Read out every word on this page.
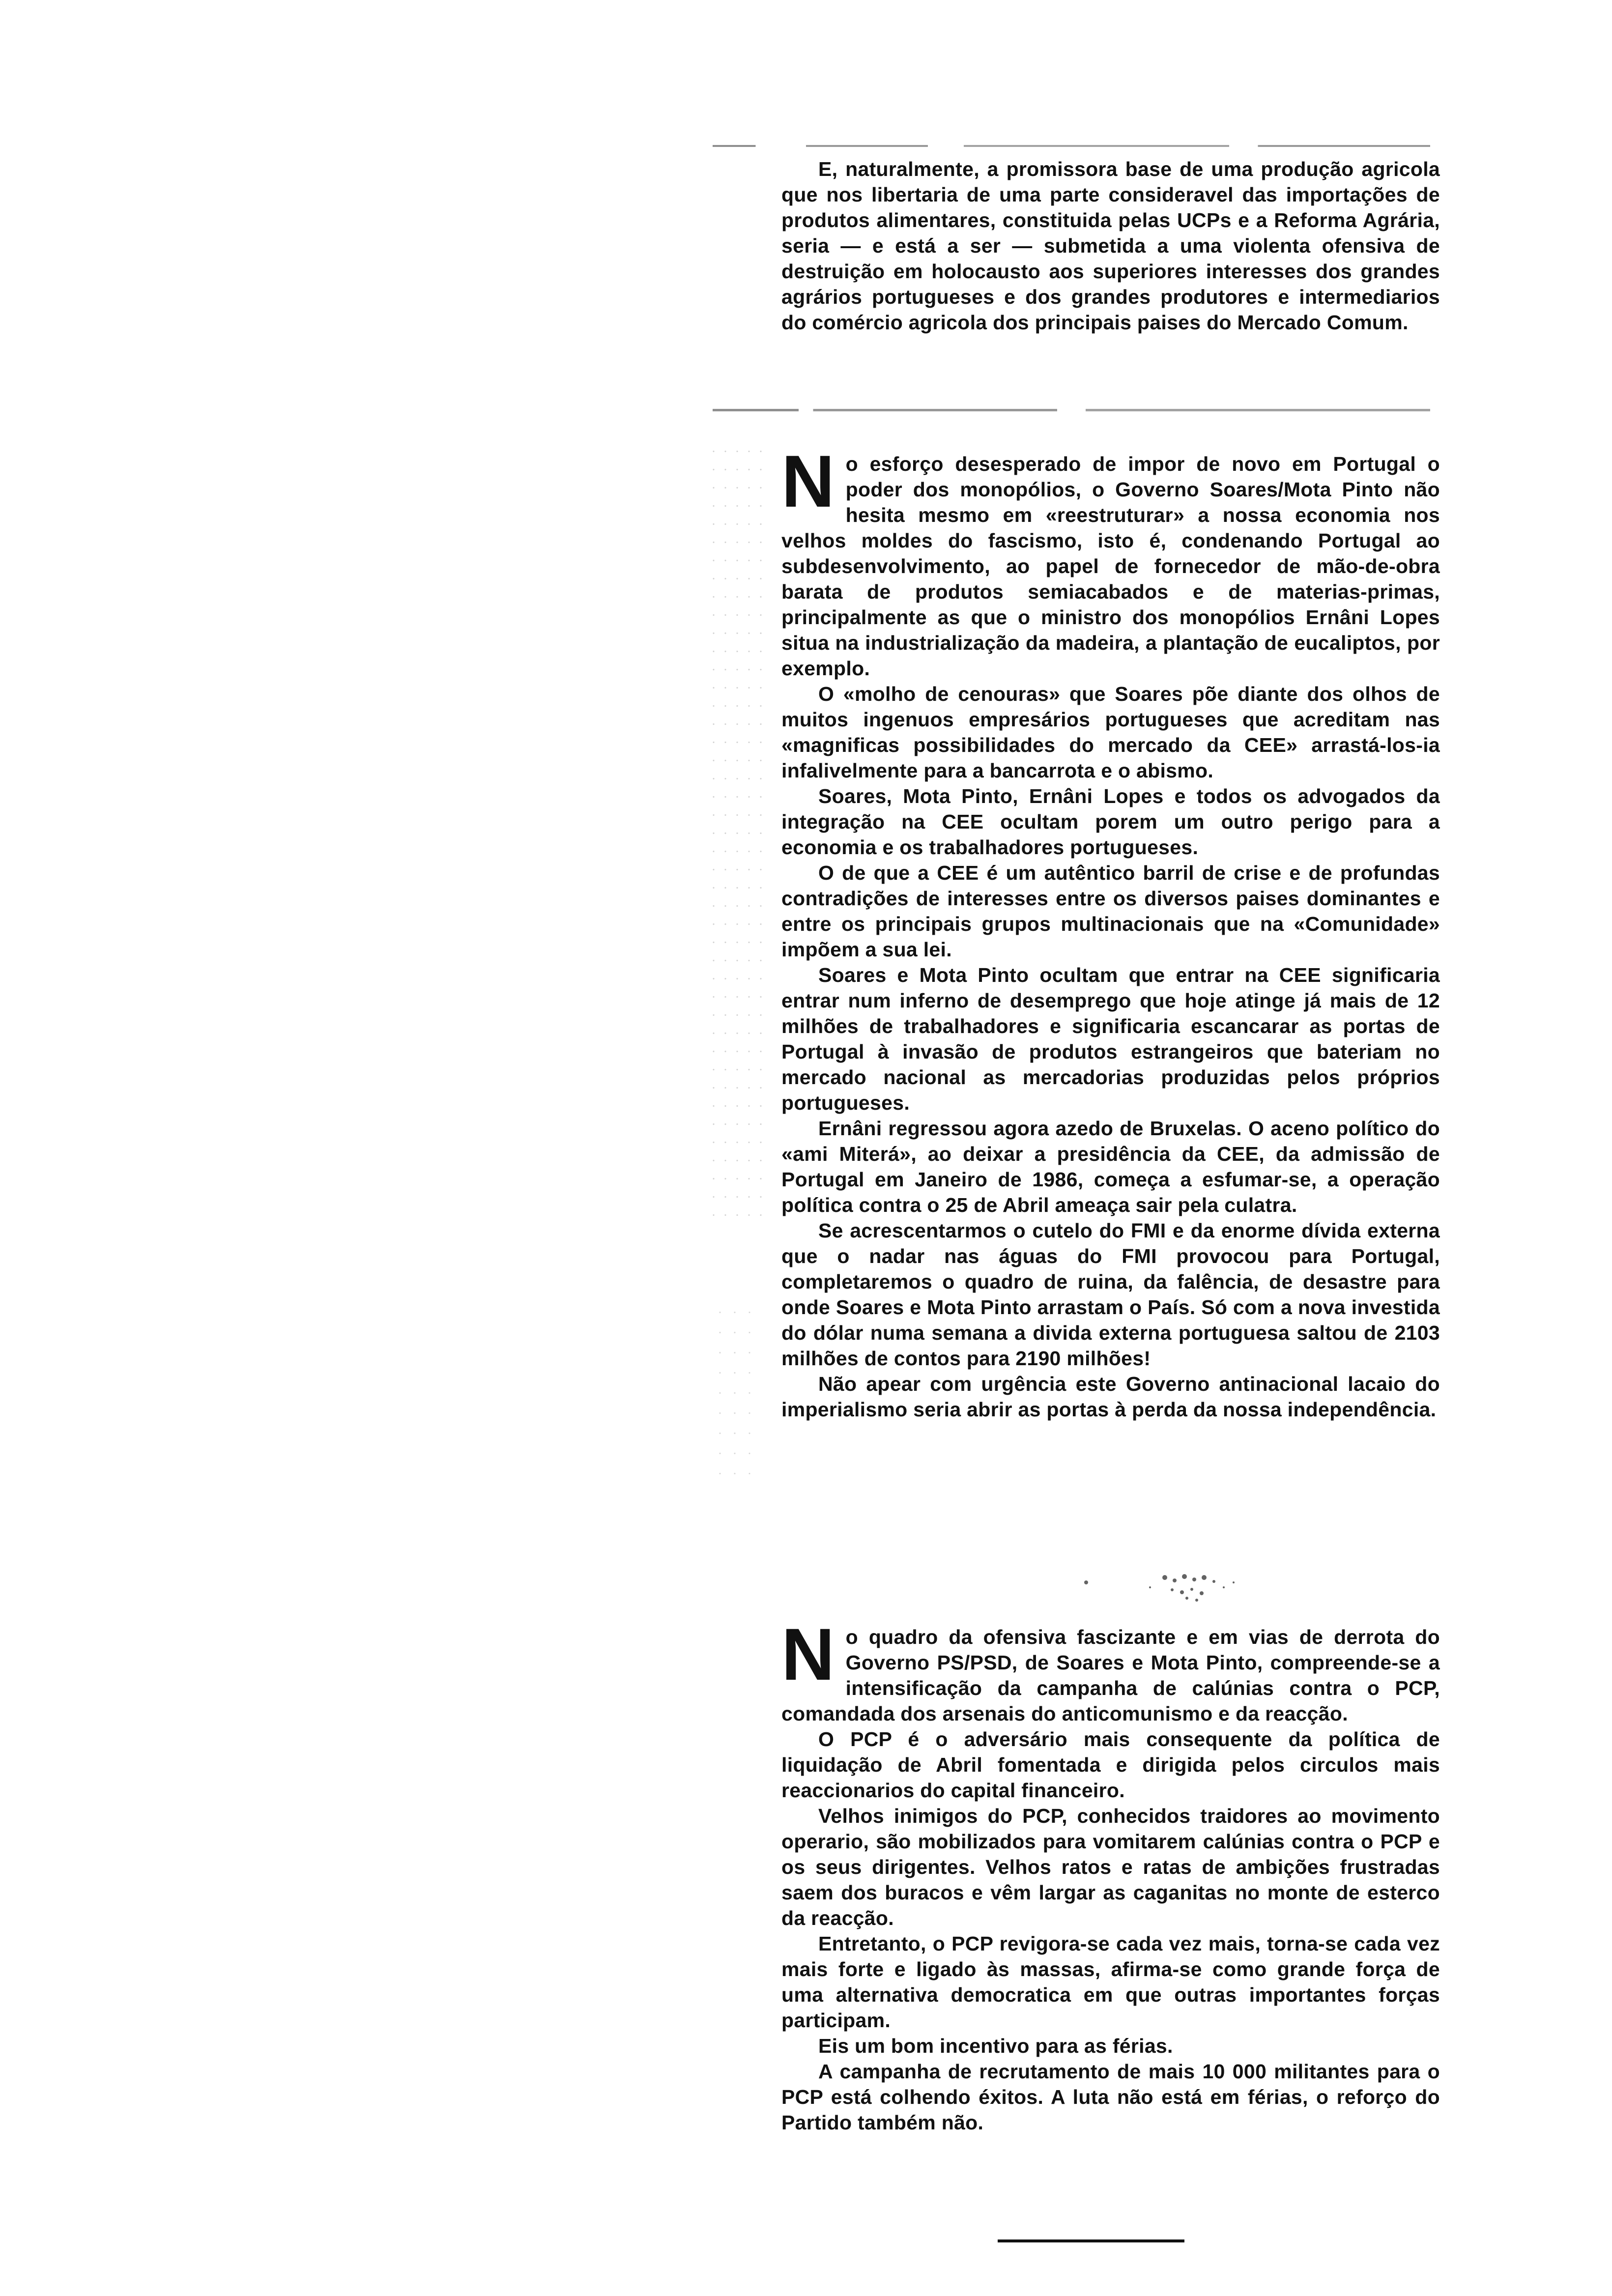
E, naturalmente, a promissora base de uma produção agricola que nos libertaria de uma parte consideravel das importações de produtos alimentares, constituida pelas UCPs e a Reforma Agrária, seria — e está a ser — submetida a uma violenta ofensiva de destruição em holocausto aos superiores interesses dos grandes agrários portugueses e dos grandes produtores e intermediarios do comércio agricola dos principais paises do Mercado Comum.

No esforço desesperado de impor de novo em Portugal o poder dos monopólios, o Governo Soares/Mota Pinto não hesita mesmo em «reestruturar» a nossa economia nos velhos moldes do fascismo, isto é, condenando Portugal ao subdesenvolvimento, ao papel de fornecedor de mão-de-obra barata de produtos semiacabados e de materias-primas, principalmente as que o ministro dos monopólios Ernâni Lopes situa na industrialização da madeira, a plantação de eucaliptos, por exemplo.

O «molho de cenouras» que Soares põe diante dos olhos de muitos ingenuos empresários portugueses que acreditam nas «magnificas possibilidades do mercado da CEE» arrastá-los-ia infalivelmente para a bancarrota e o abismo.

Soares, Mota Pinto, Ernâni Lopes e todos os advogados da integração na CEE ocultam porem um outro perigo para a economia e os trabalhadores portugueses.

O de que a CEE é um autêntico barril de crise e de profundas contradições de interesses entre os diversos paises dominantes e entre os principais grupos multinacionais que na «Comunidade» impõem a sua lei.

Soares e Mota Pinto ocultam que entrar na CEE significaria entrar num inferno de desemprego que hoje atinge já mais de 12 milhões de trabalhadores e significaria escancarar as portas de Portugal à invasão de produtos estrangeiros que bateriam no mercado nacional as mercadorias produzidas pelos próprios portugueses.

Ernâni regressou agora azedo de Bruxelas. O aceno político do «ami Miterá», ao deixar a presidência da CEE, da admissão de Portugal em Janeiro de 1986, começa a esfumar-se, a operação política contra o 25 de Abril ameaça sair pela culatra.

Se acrescentarmos o cutelo do FMI e da enorme dívida externa que o nadar nas águas do FMI provocou para Portugal, completaremos o quadro de ruina, da falência, de desastre para onde Soares e Mota Pinto arrastam o País. Só com a nova investida do dólar numa semana a divida externa portuguesa saltou de 2103 milhões de contos para 2190 milhões!

Não apear com urgência este Governo antinacional lacaio do imperialismo seria abrir as portas à perda da nossa independência.

No quadro da ofensiva fascizante e em vias de derrota do Governo PS/PSD, de Soares e Mota Pinto, compreende-se a intensificação da campanha de calúnias contra o PCP, comandada dos arsenais do anticomunismo e da reacção.

O PCP é o adversário mais consequente da política de liquidação de Abril fomentada e dirigida pelos circulos mais reaccionarios do capital financeiro.

Velhos inimigos do PCP, conhecidos traidores ao movimento operario, são mobilizados para vomitarem calúnias contra o PCP e os seus dirigentes. Velhos ratos e ratas de ambições frustradas saem dos buracos e vêm largar as caganitas no monte de esterco da reacção.

Entretanto, o PCP revigora-se cada vez mais, torna-se cada vez mais forte e ligado às massas, afirma-se como grande força de uma alternativa democratica em que outras importantes forças participam.

Eis um bom incentivo para as férias.

A campanha de recrutamento de mais 10 000 militantes para o PCP está colhendo éxitos. A luta não está em férias, o reforço do Partido também não.
